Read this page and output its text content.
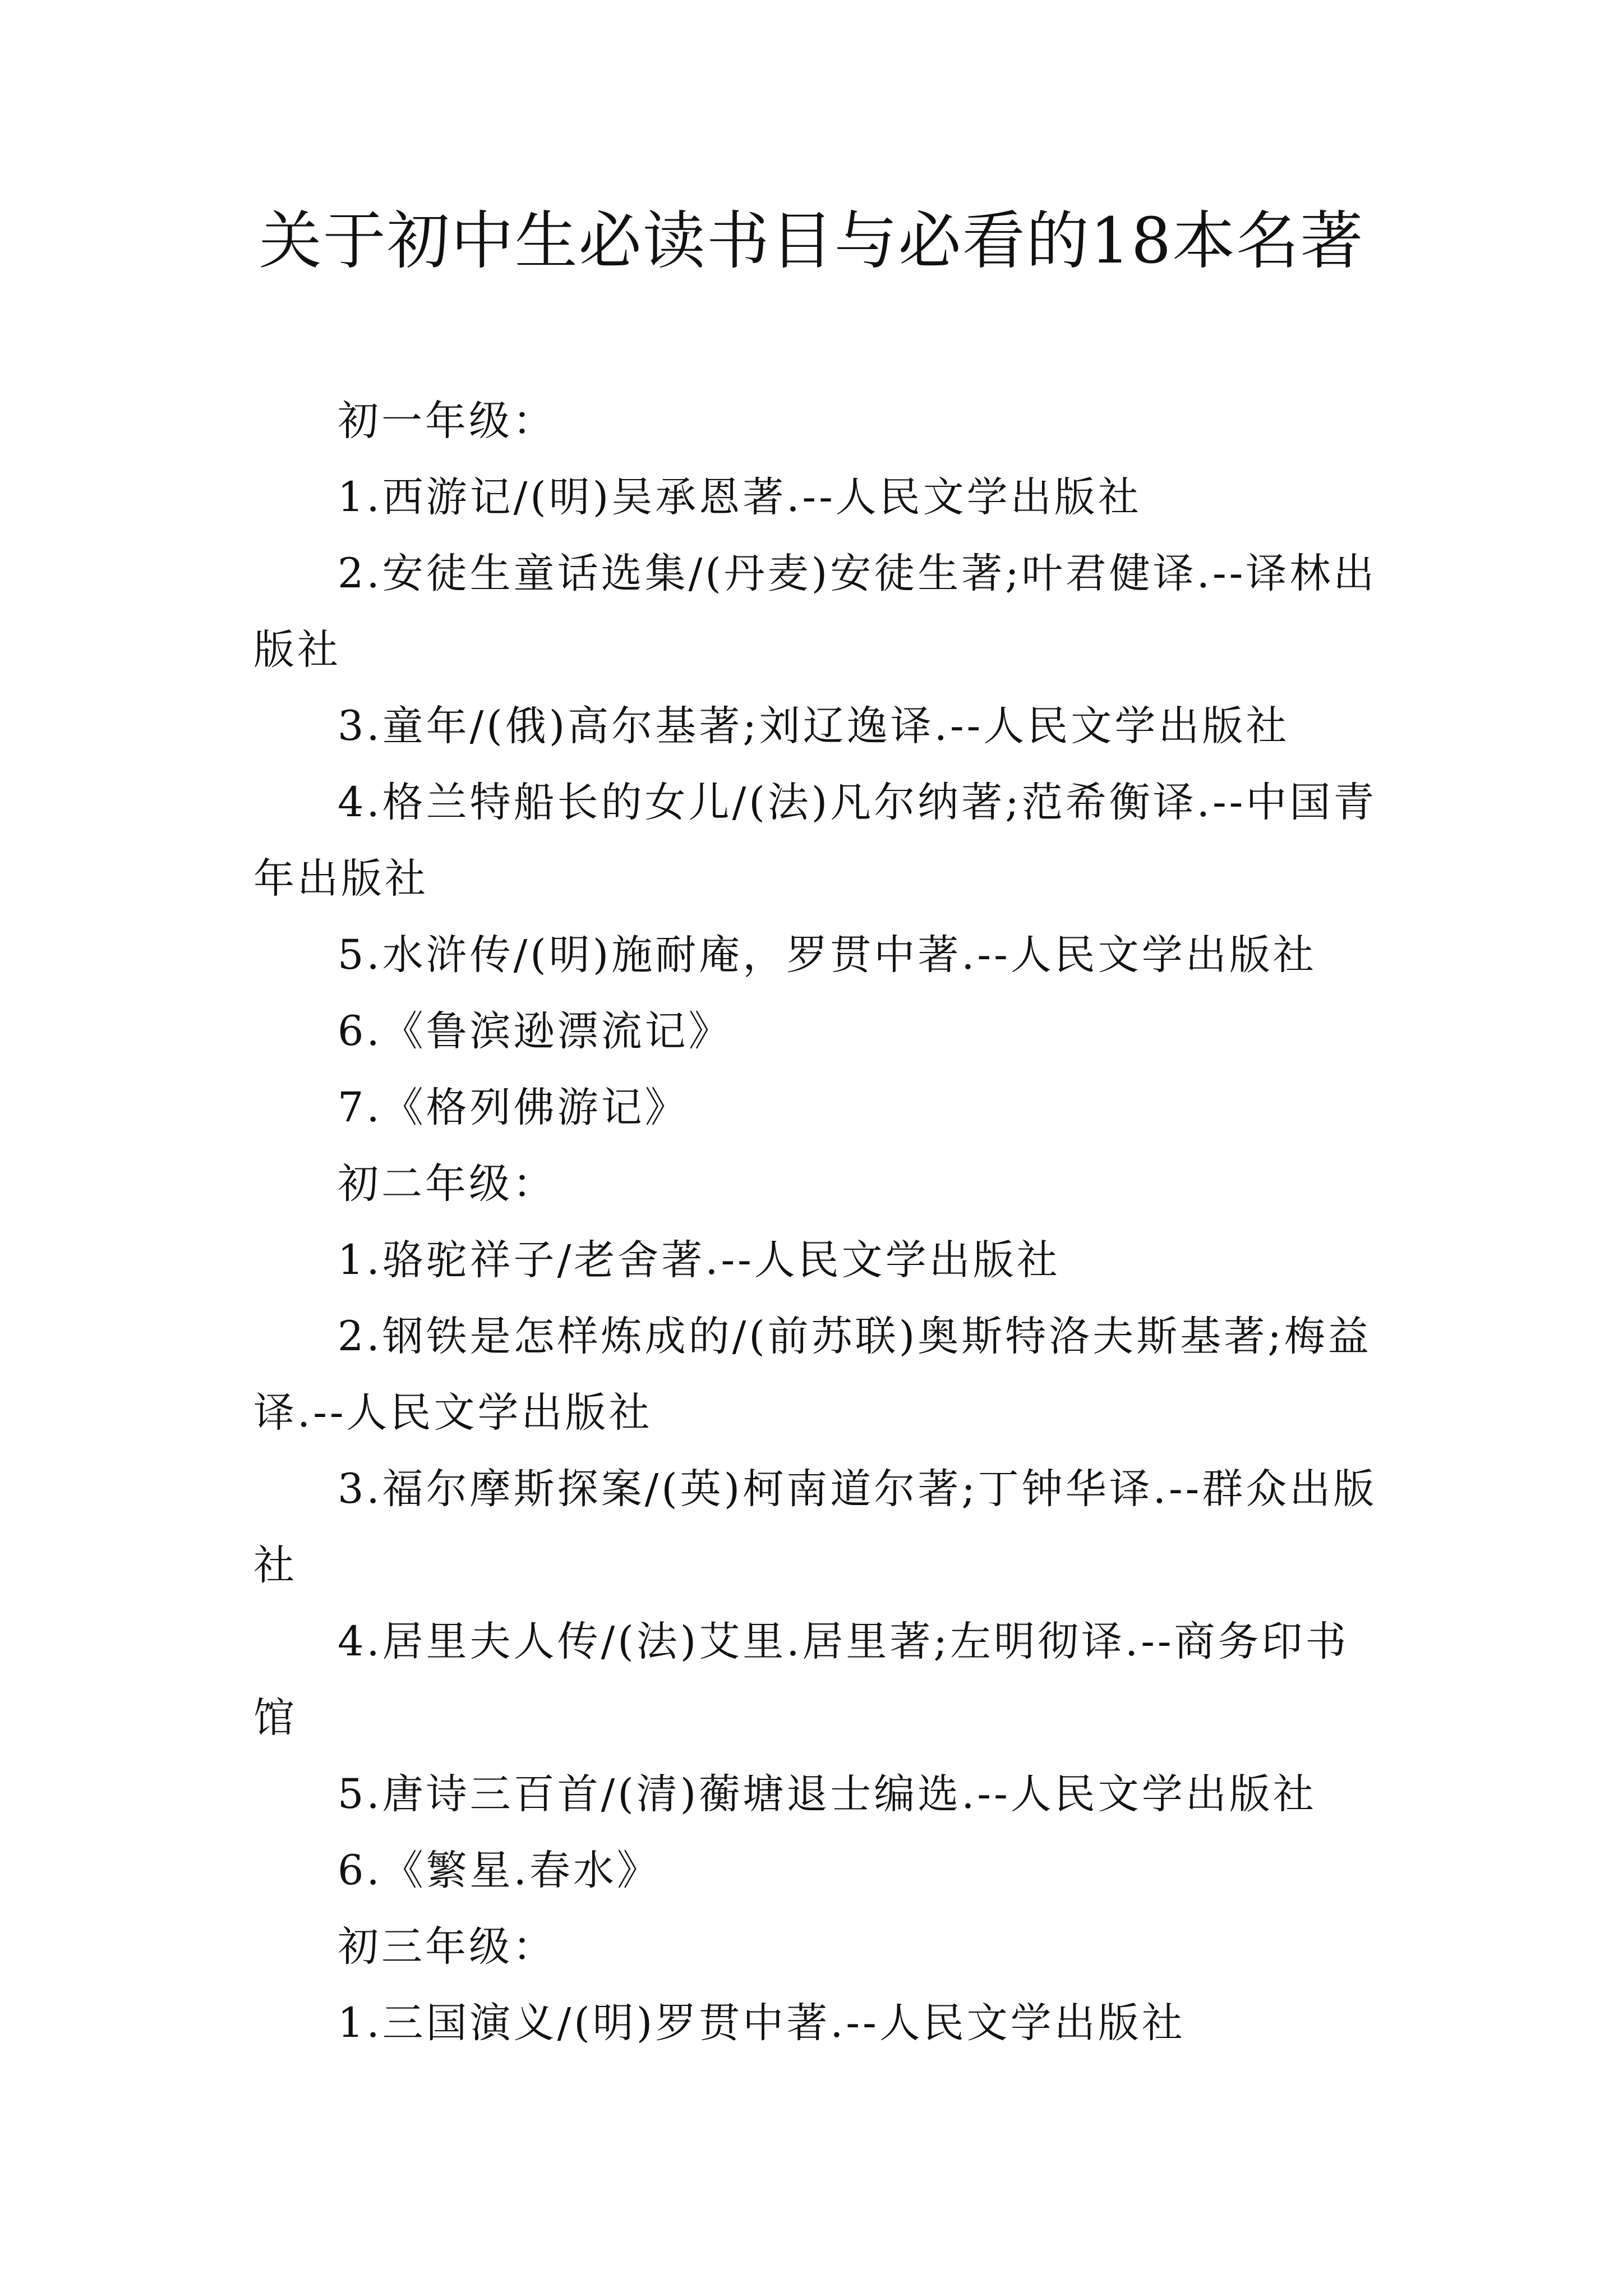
关于初中生必读书目与必看的18本名著

初一年级：

1.西游记/(明)吴承恩著.--人民文学出版社

2.安徒生童话选集/(丹麦)安徒生著;叶君健译.--译林出版社

3.童年/(俄)高尔基著;刘辽逸译.--人民文学出版社

4.格兰特船长的女儿/(法)凡尔纳著;范希衡译.--中国青年出版社

5.水浒传/(明)施耐庵，罗贯中著.--人民文学出版社

6.《鲁滨逊漂流记》

7.《格列佛游记》

初二年级：

1.骆驼祥子/老舍著.--人民文学出版社

2.钢铁是怎样炼成的/(前苏联)奥斯特洛夫斯基著;梅益译.--人民文学出版社

3.福尔摩斯探案/(英)柯南道尔著;丁钟华译.--群众出版社

4.居里夫人传/(法)艾里.居里著;左明彻译.--商务印书馆

5.唐诗三百首/(清)蘅塘退士编选.--人民文学出版社

6.《繁星.春水》

初三年级：

1.三国演义/(明)罗贯中著.--人民文学出版社
